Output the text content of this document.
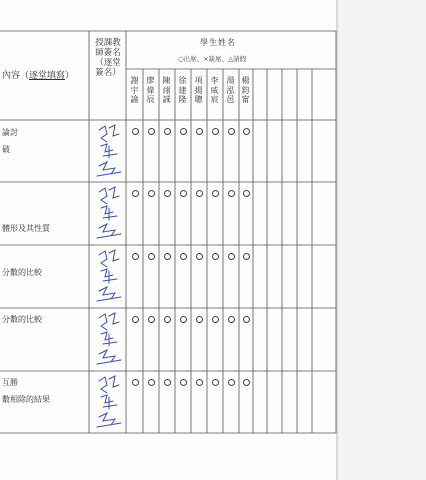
內容（逐堂填寫）
授課教師簽名（逐堂簽名）
學生姓名
○出席、×缺席、△請假
謝宇諭
廖偉辰
陳翊誠
徐建隆
項揚聰
李威宸
湯泓邑
楊鈞甯
論討
破
體形及其性質
分數的比較
分數的比較
互勝
數相除的結果
